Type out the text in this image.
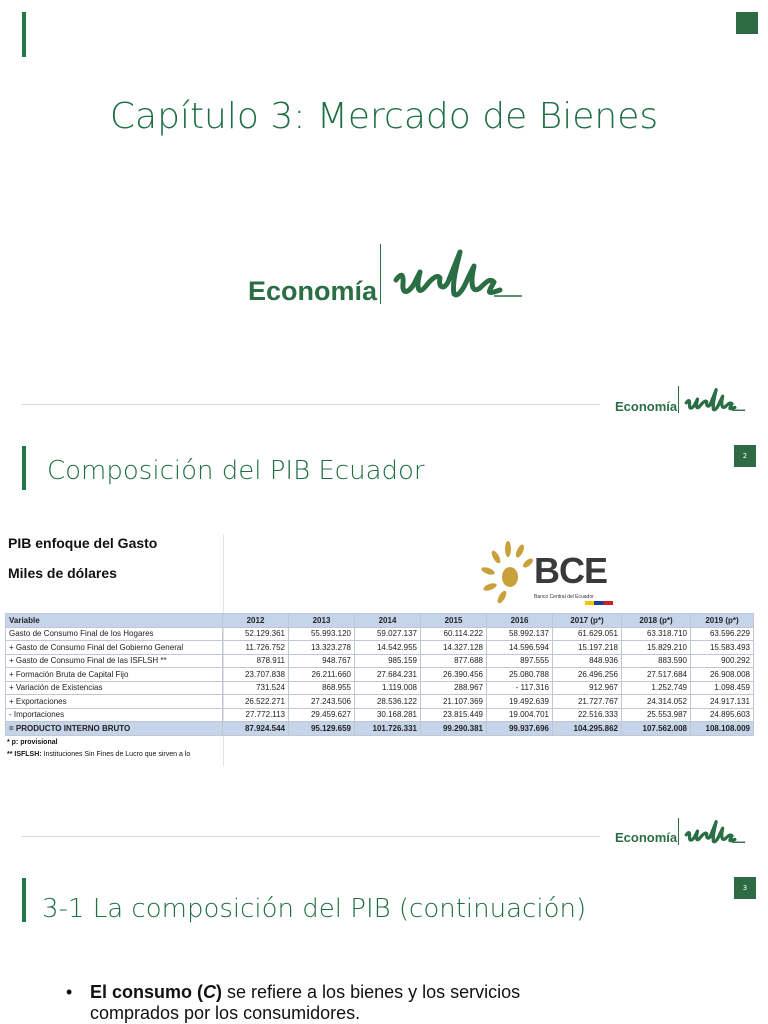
Capítulo 3: Mercado de Bienes
Economía
Economía
2
Composición del PIB Ecuador
PIB enfoque del Gasto
Miles de dólares	BCE
Banco Central del Ecuador
Variable	2012	2013	2014	2015	2016	2017 (p*)	2018 (p*)	2019 (p*)
Gasto de Consumo Final de los Hogares	52.129.361	55.993.120	59.027.137	60.114.222	58.992.137	61.629.051	63.318.710	63.596.229
+ Gasto de Consumo Final del Gobierno General	11.726.752	13.323.278	14.542.955	14.327.128	14.596.594	15.197.218	15.829.210	15.583.493
+ Gasto de Consumo Final de las ISFLSH **	878.911	948.767	985.159	877.688	897.555	848.936	883.590	900.292
+ Formación Bruta de Capital Fijo	23.707.838	26.211.660	27.684.231	26.390.456	25.080.788	26.496.256	27.517.684	26.908.008
+ Variación de Existencias	731.524	868.955	1.119.008	288.967	- 117.316	912.967	1.252.749	1.098.459
+ Exportaciones	26.522.271	27.243.506	28.536.122	21.107.369	19.492.639	21.727.767	24.314.052	24.917.131
- Importaciones	27.772.113	29.459.627	30.168.281	23.815.449	19.004.701	22.516.333	25.553.987	24.895.603
= PRODUCTO INTERNO BRUTO	87.924.544	95.129.659	101.726.331	99.290.381	99.937.696	104.295.862	107.562.008	108.108.009
* p: provisional
** ISFLSH: Instituciones Sin Fines de Lucro que sirven a lo
Economía
3
3-1 La composición del PIB (continuación)
• El consumo (C) se refiere a los bienes y los servicios comprados por los consumidores.
